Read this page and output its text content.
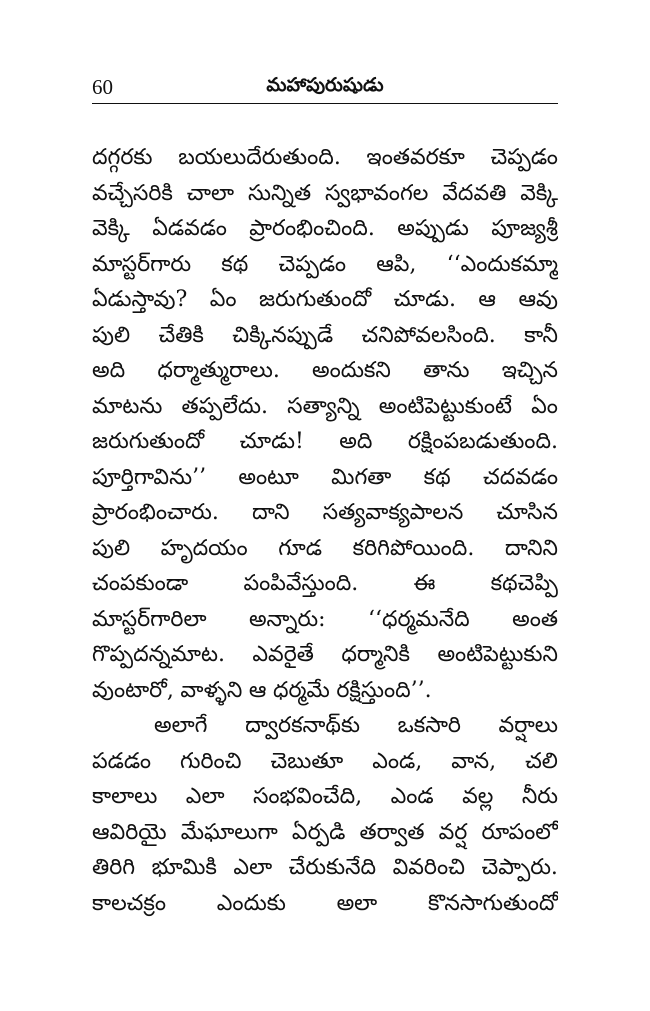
60	మహాపురుషుడు
దగ్గరకు బయలుదేరుతుంది. ఇంతవరకూ చెప్పడం
వచ్చేసరికి చాలా సున్నిత స్వభావంగల వేదవతి వెక్కి
వెక్కి ఏడవడం ప్రారంభించింది. అప్పుడు పూజ్యశ్రీ
మాస్టర్‌గారు కథ చెప్పడం ఆపి, ‘‘ఎందుకమ్మా
ఏడుస్తావు? ఏం జరుగుతుందో చూడు. ఆ ఆవు
పులి చేతికి చిక్కినప్పుడే చనిపోవలసింది. కానీ
అది ధర్మాత్మురాలు. అందుకని తాను ఇచ్చిన
మాటను తప్పలేదు. సత్యాన్ని అంటిపెట్టుకుంటే ఏం
జరుగుతుందో చూడు! అది రక్షింపబడుతుంది.
పూర్తిగావిను’’ అంటూ మిగతా కథ చదవడం
ప్రారంభించారు. దాని సత్యవాక్యపాలన చూసిన
పులి హృదయం గూడ కరిగిపోయింది. దానిని
చంపకుండా	పంపివేస్తుంది.	ఈ	కథచెప్పి
మాస్టర్‌గారిలా అన్నారు: ‘‘ధర్మమనేది అంత
గొప్పదన్నమాట. ఎవరైతే ధర్మానికి అంటిపెట్టుకుని
వుంటారో, వాళ్ళని ఆ ధర్మమే రక్షిస్తుంది’’.
అలాగే ద్వారకనాథ్‌కు ఒకసారి వర్షాలు
పడడం గురించి చెబుతూ ఎండ, వాన, చలి
కాలాలు ఎలా సంభవించేది, ఎండ వల్ల నీరు
ఆవిరియై మేఘాలుగా ఏర్పడి తర్వాత వర్ష రూపంలో
తిరిగి భూమికి ఎలా చేరుకునేది వివరించి చెప్పారు.
కాలచక్రం ఎందుకు అలా కొనసాగుతుందో
